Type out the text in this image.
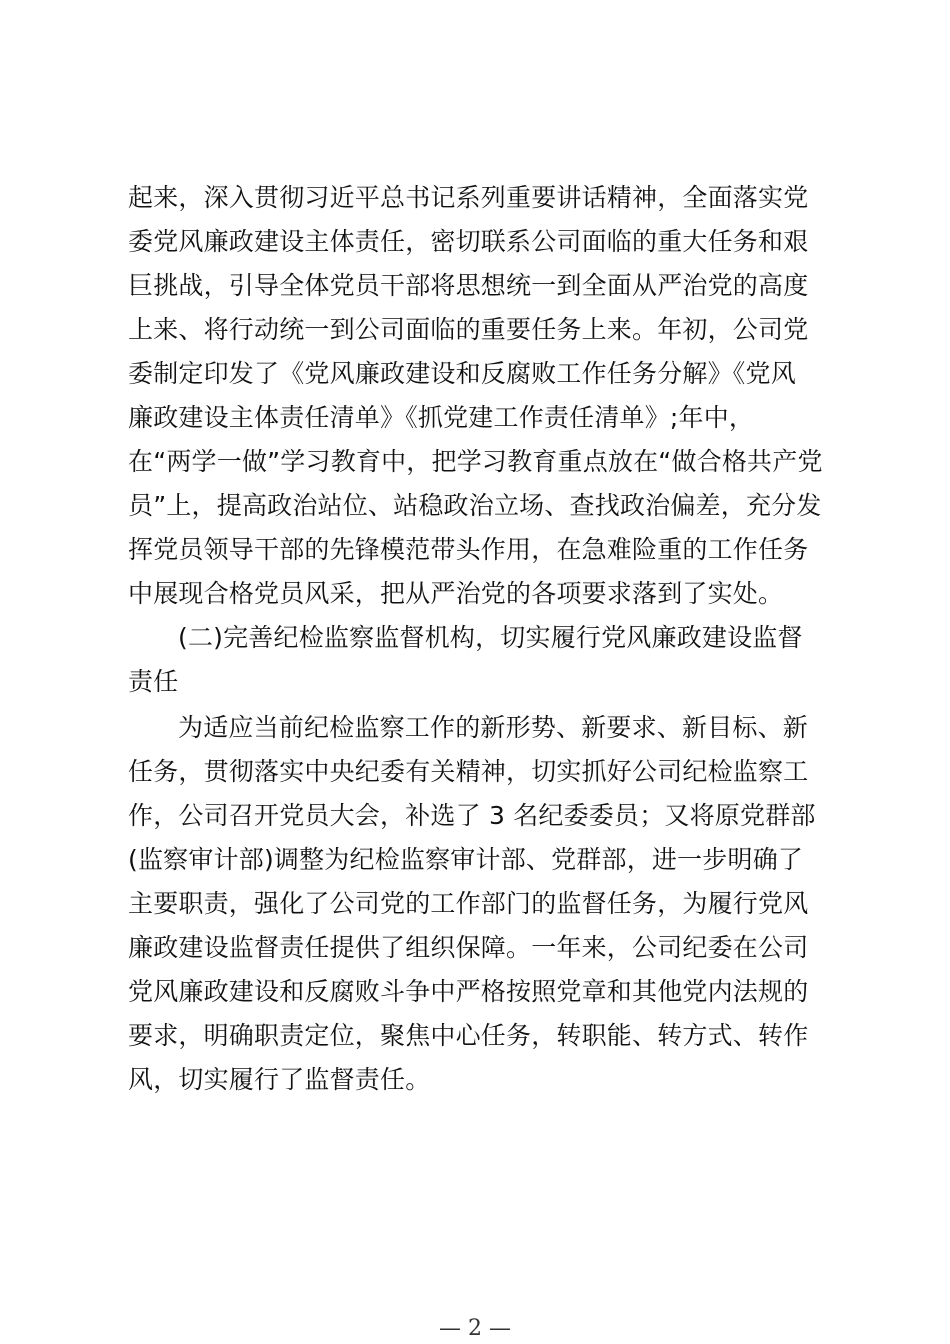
起来，深入贯彻习近平总书记系列重要讲话精神，全面落实党
委党风廉政建设主体责任，密切联系公司面临的重大任务和艰
巨挑战，引导全体党员干部将思想统一到全面从严治党的高度
上来、将行动统一到公司面临的重要任务上来。年初，公司党
委制定印发了《党风廉政建设和反腐败工作任务分解》《党风
廉政建设主体责任清单》《抓党建工作责任清单》;年中，
在“两学一做”学习教育中，把学习教育重点放在“做合格共产党
员”上，提高政治站位、站稳政治立场、查找政治偏差，充分发
挥党员领导干部的先锋模范带头作用，在急难险重的工作任务
中展现合格党员风采，把从严治党的各项要求落到了实处。
(二)完善纪检监察监督机构，切实履行党风廉政建设监督
责任
为适应当前纪检监察工作的新形势、新要求、新目标、新
任务，贯彻落实中央纪委有关精神，切实抓好公司纪检监察工
作，公司召开党员大会，补选了 3 名纪委委员；又将原党群部
(监察审计部)调整为纪检监察审计部、党群部，进一步明确了
主要职责，强化了公司党的工作部门的监督任务，为履行党风
廉政建设监督责任提供了组织保障。一年来，公司纪委在公司
党风廉政建设和反腐败斗争中严格按照党章和其他党内法规的
要求，明确职责定位，聚焦中心任务，转职能、转方式、转作
风，切实履行了监督责任。
— 2 —
